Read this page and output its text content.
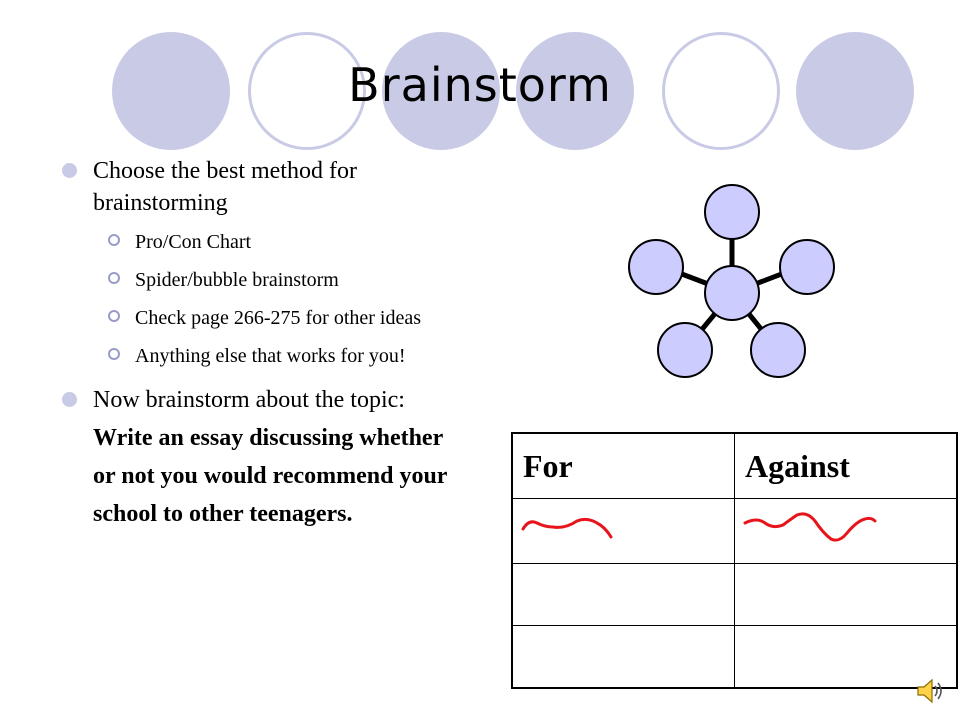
Brainstorm
Choose the best method for brainstorming
Pro/Con Chart
Spider/bubble brainstorm
Check page 266-275 for other ideas
Anything else that works for you!
Now brainstorm about the topic: Write an essay discussing whether or not you would recommend your school to other teenagers.
For	Against
